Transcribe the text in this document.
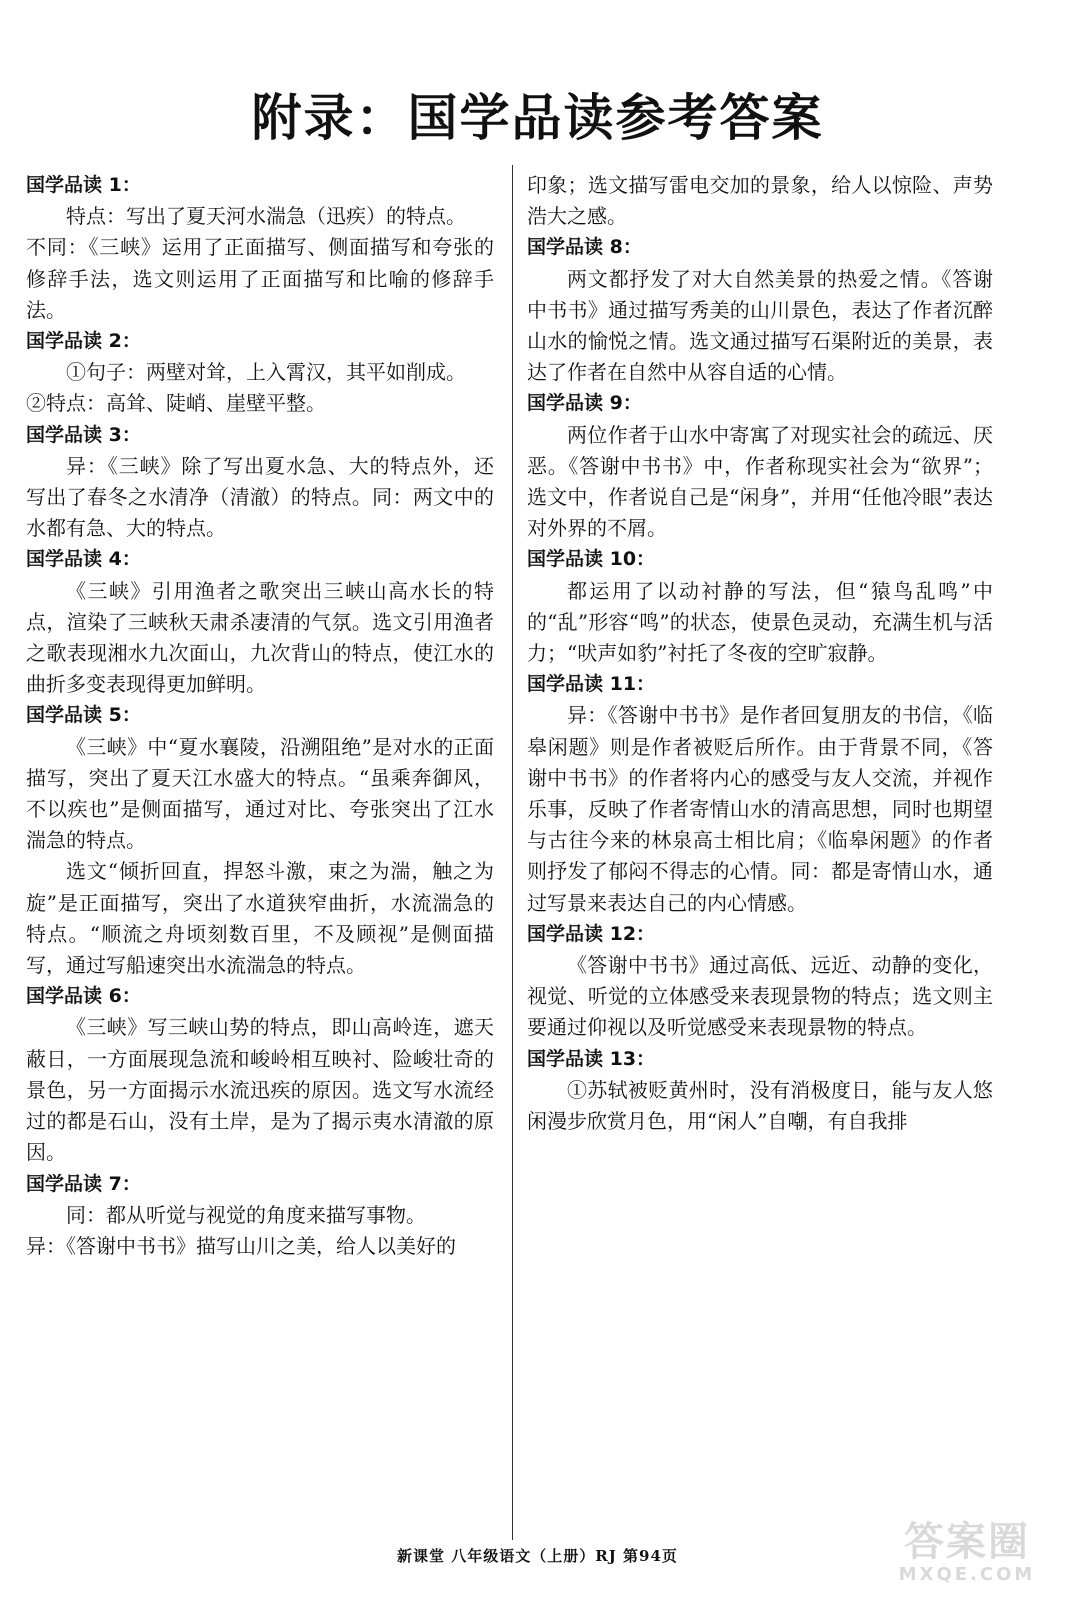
附录：国学品读参考答案

国学品读 1：

特点：写出了夏天河水湍急（迅疾）的特点。

不同：《三峡》运用了正面描写、侧面描写和夸张的修辞手法，选文则运用了正面描写和比喻的修辞手法。

国学品读 2：

①句子：两壁对耸，上入霄汉，其平如削成。

②特点：高耸、陡峭、崖壁平整。

国学品读 3：

异：《三峡》除了写出夏水急、大的特点外，还写出了春冬之水清净（清澈）的特点。同：两文中的水都有急、大的特点。

国学品读 4：

《三峡》引用渔者之歌突出三峡山高水长的特点，渲染了三峡秋天肃杀凄清的气氛。选文引用渔者之歌表现湘水九次面山，九次背山的特点，使江水的曲折多变表现得更加鲜明。

国学品读 5：

《三峡》中“夏水襄陵，沿溯阻绝”是对水的正面描写，突出了夏天江水盛大的特点。“虽乘奔御风，不以疾也”是侧面描写，通过对比、夸张突出了江水湍急的特点。

选文“倾折回直，捍怒斗激，束之为湍，触之为旋”是正面描写，突出了水道狭窄曲折，水流湍急的特点。“顺流之舟顷刻数百里，不及顾视”是侧面描写，通过写船速突出水流湍急的特点。

国学品读 6：

《三峡》写三峡山势的特点，即山高岭连，遮天蔽日，一方面展现急流和峻岭相互映衬、险峻壮奇的景色，另一方面揭示水流迅疾的原因。选文写水流经过的都是石山，没有土岸，是为了揭示夷水清澈的原因。

国学品读 7：

同：都从听觉与视觉的角度来描写事物。

异：《答谢中书书》描写山川之美，给人以美好的

印象；选文描写雷电交加的景象，给人以惊险、声势浩大之感。

国学品读 8：

两文都抒发了对大自然美景的热爱之情。《答谢中书书》通过描写秀美的山川景色，表达了作者沉醉山水的愉悦之情。选文通过描写石渠附近的美景，表达了作者在自然中从容自适的心情。

国学品读 9：

两位作者于山水中寄寓了对现实社会的疏远、厌恶。《答谢中书书》中，作者称现实社会为“欲界”；选文中，作者说自己是“闲身”，并用“任他冷眼”表达对外界的不屑。

国学品读 10：

都运用了以动衬静的写法，但“猿鸟乱鸣”中的“乱”形容“鸣”的状态，使景色灵动，充满生机与活力；“吠声如豹”衬托了冬夜的空旷寂静。

国学品读 11：

异：《答谢中书书》是作者回复朋友的书信，《临皋闲题》则是作者被贬后所作。由于背景不同，《答谢中书书》的作者将内心的感受与友人交流，并视作乐事，反映了作者寄情山水的清高思想，同时也期望与古往今来的林泉高士相比肩；《临皋闲题》的作者则抒发了郁闷不得志的心情。同：都是寄情山水，通过写景来表达自己的内心情感。

国学品读 12：

《答谢中书书》通过高低、远近、动静的变化，视觉、听觉的立体感受来表现景物的特点；选文则主要通过仰视以及听觉感受来表现景物的特点。

国学品读 13：

①苏轼被贬黄州时，没有消极度日，能与友人悠闲漫步欣赏月色，用“闲人”自嘲，有自我排

新课堂 八年级语文（上册）RJ 第94页	答案圈
MXQE.COM
